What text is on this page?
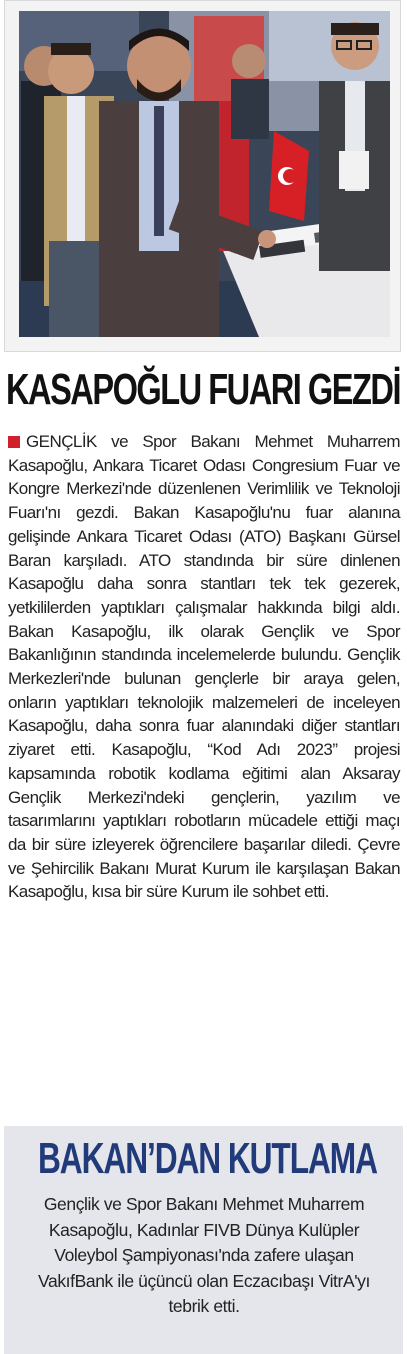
KASAPOĞLU FUARI GEZDİ

GENÇLİK ve Spor Bakanı Mehmet Muharrem Kasapoğlu, Ankara Ticaret Odası Congresium Fuar ve Kongre Merkezi'nde düzenlenen Verimlilik ve Teknoloji Fuarı'nı gezdi. Bakan Kasapoğlu'nu fuar alanına gelişinde Ankara Ticaret Odası (ATO) Başkanı Gürsel Baran karşıladı. ATO standında bir süre dinlenen Kasapoğlu daha sonra stantları tek tek gezerek, yetkililerden yaptıkları çalışmalar hakkında bilgi aldı. Bakan Kasapoğlu, ilk olarak Gençlik ve Spor Bakanlığının standında incelemelerde bulundu. Gençlik Merkezleri'nde bulunan gençlerle bir araya gelen, onların yaptıkları teknolojik malzemeleri de inceleyen Kasapoğlu, daha sonra fuar alanındaki diğer stantları ziyaret etti. Kasapoğlu, “Kod Adı 2023” projesi kapsamında robotik kodlama eğitimi alan Aksaray Gençlik Merkezi'ndeki gençlerin, yazılım ve tasarımlarını yaptıkları robotların mücadele ettiği maçı da bir süre izleyerek öğrencilere başarılar diledi. Çevre ve Şehircilik Bakanı Murat Kurum ile karşılaşan Bakan Kasapoğlu, kısa bir süre Kurum ile sohbet etti.

BAKAN’DAN KUTLAMA

Gençlik ve Spor Bakanı Mehmet Muharrem Kasapoğlu, Kadınlar FIVB Dünya Kulüpler Voleybol Şampiyonası'nda zafere ulaşan VakıfBank ile üçüncü olan Eczacıbaşı VitrA'yı tebrik etti.
